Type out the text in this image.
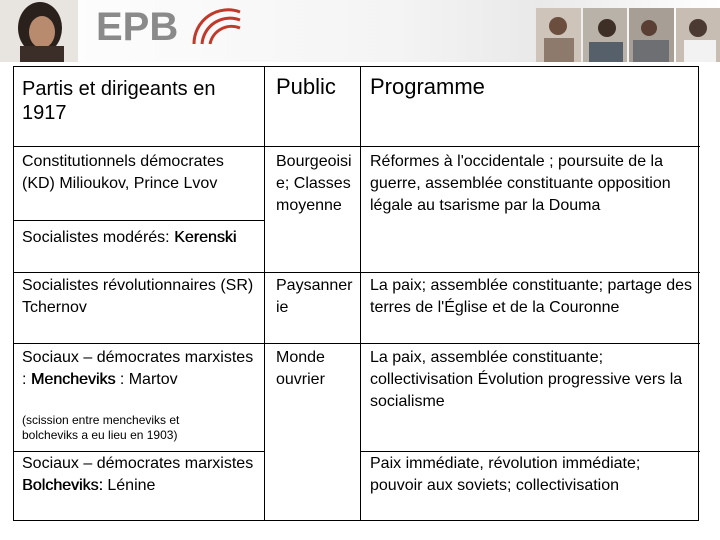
EPB
Partis et dirigeants en 1917
Public	Programme
Constitutionnels démocrates (KD) Milioukov, Prince Lvov
Socialistes modérés: Kerenski
Bourgeoisie; Classes moyenne
Réformes à l'occidentale ; poursuite de la guerre, assemblée constituante opposition légale au tsarisme par la Douma
Socialistes révolutionnaires (SR) Tchernov
Paysannerie
La paix; assemblée constituante; partage des terres de l'Église et de la Couronne
Sociaux – démocrates marxistes : Mencheviks : Martov
(scission entre mencheviks et bolcheviks a eu lieu en 1903)
Monde ouvrier
La paix, assemblée constituante; collectivisation Évolution progressive vers la socialisme
Sociaux – démocrates marxistes Bolcheviks: Lénine
Paix immédiate, révolution immédiate; pouvoir aux soviets; collectivisation
